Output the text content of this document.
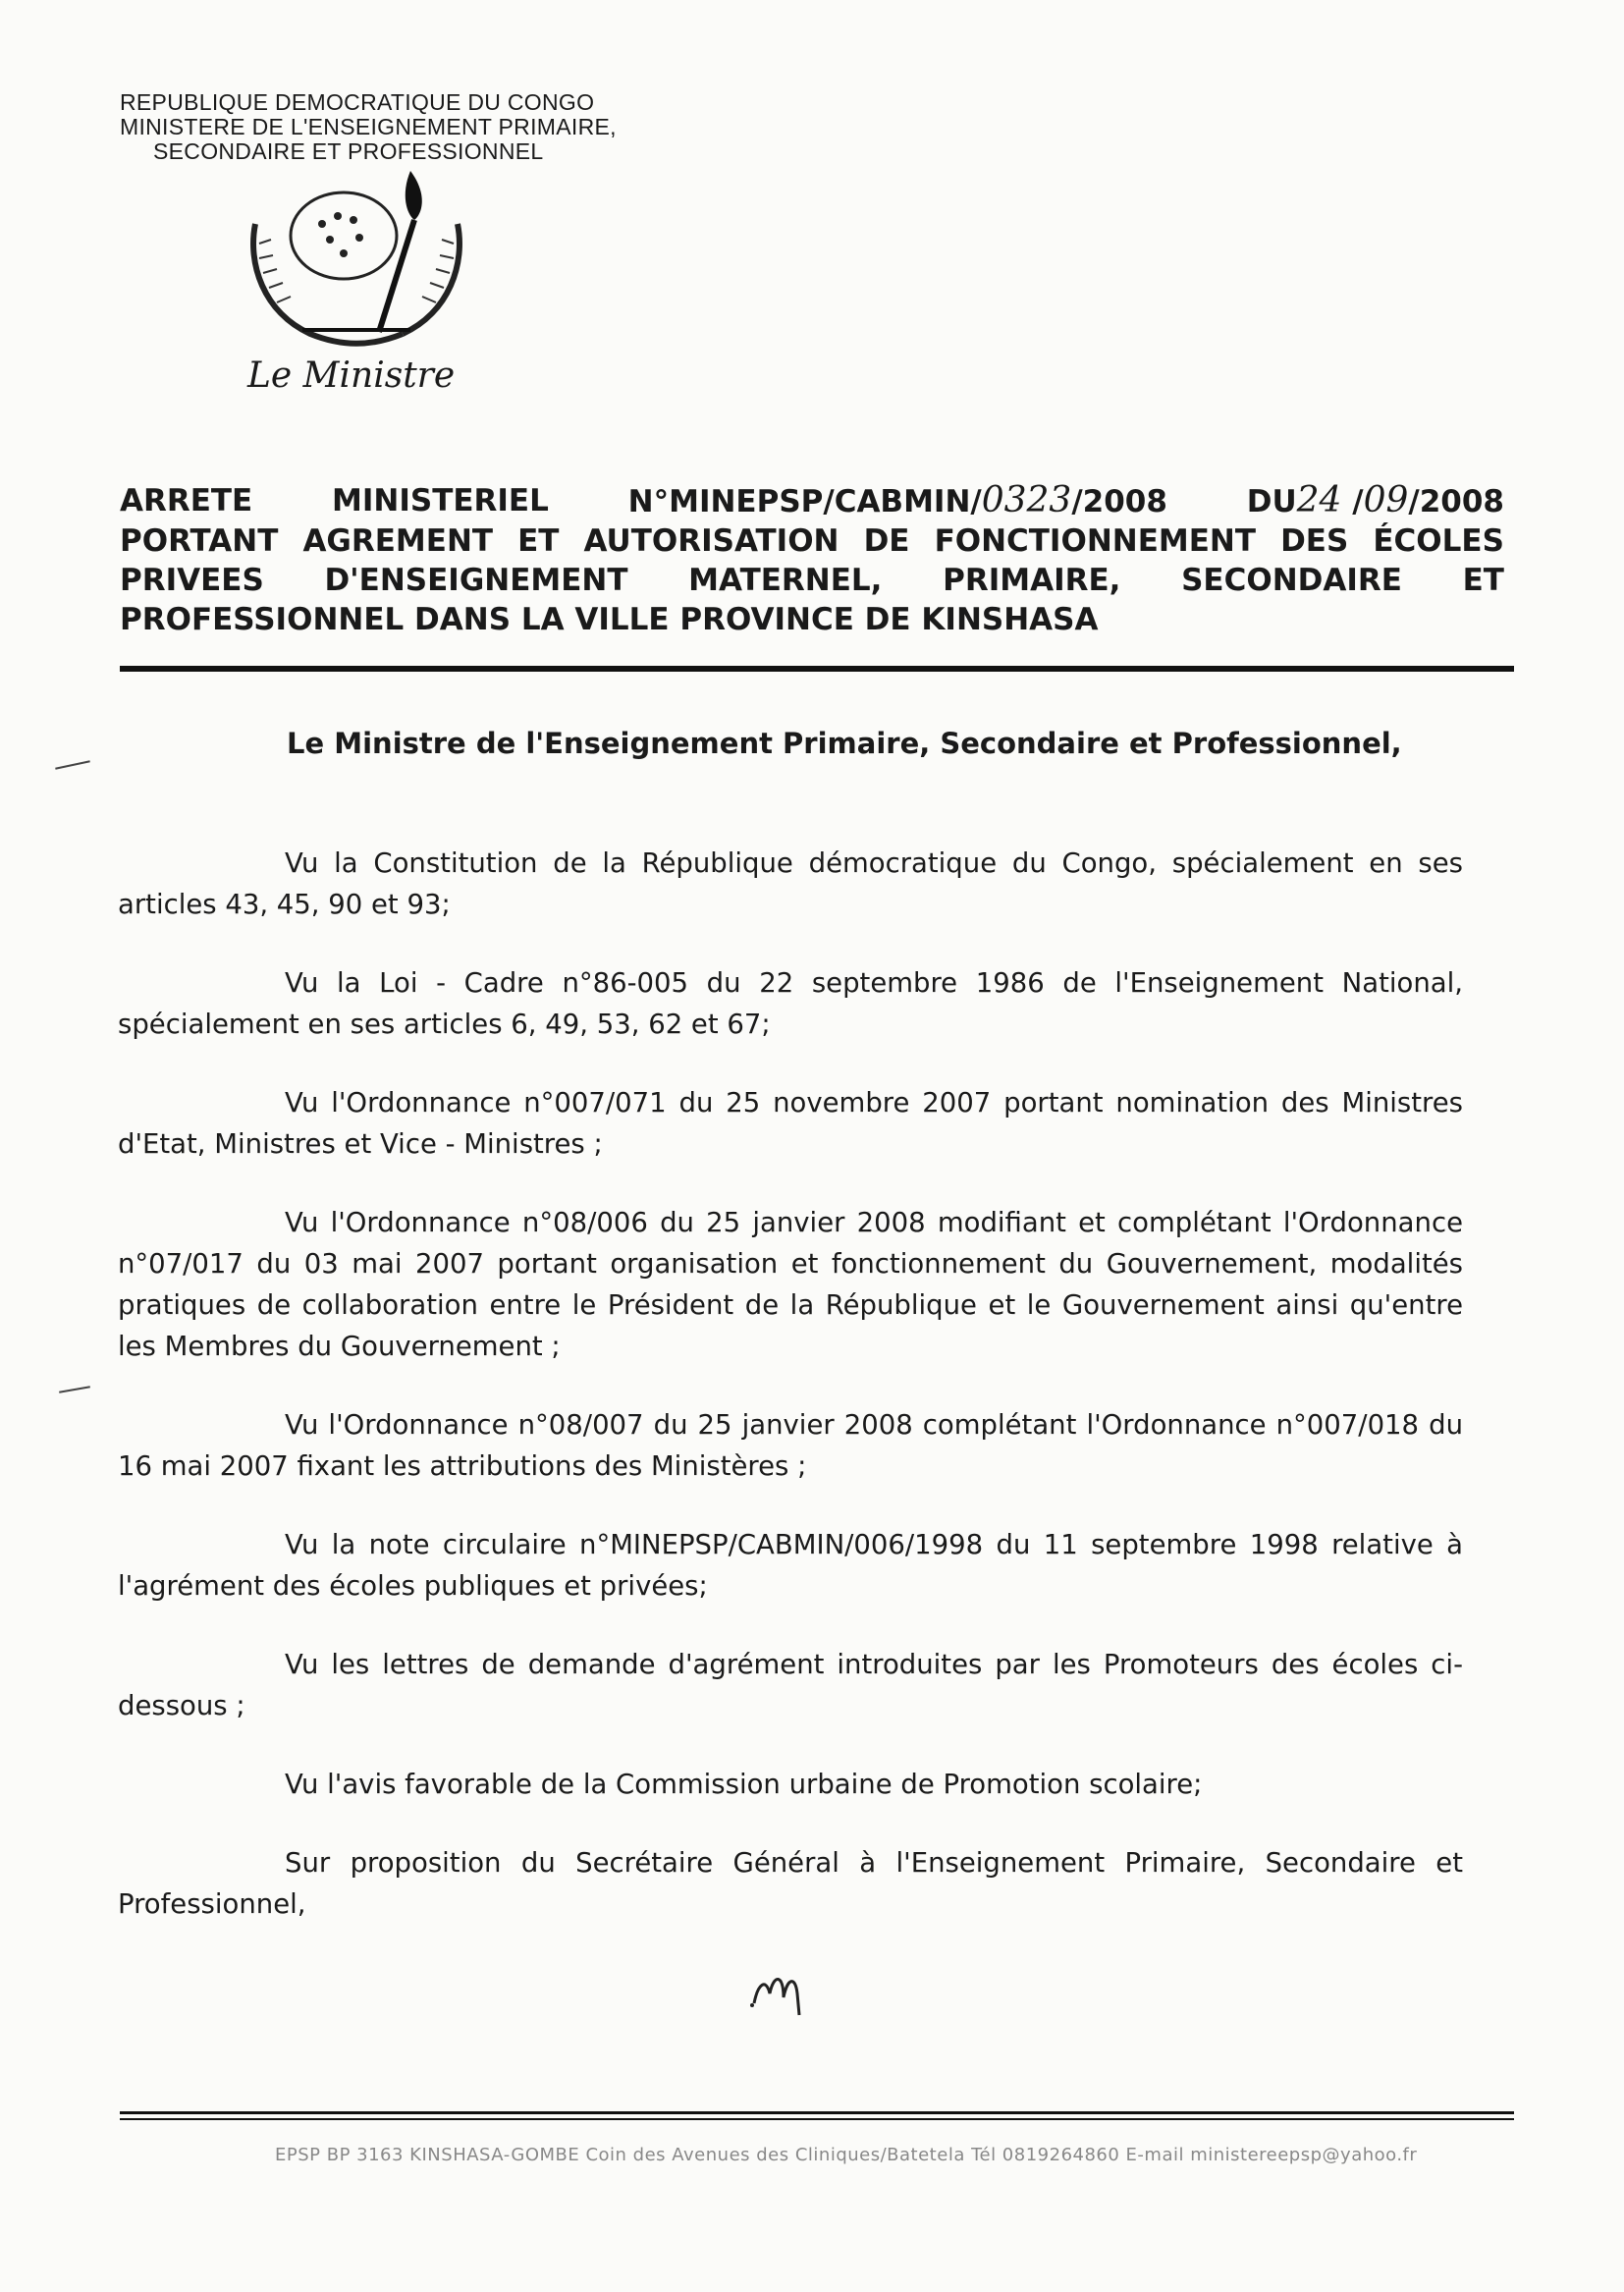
REPUBLIQUE DEMOCRATIQUE DU CONGO
MINISTERE DE L'ENSEIGNEMENT PRIMAIRE,
SECONDAIRE ET PROFESSIONNEL
Le Ministre
ARRETE	MINISTERIEL	N°MINEPSP/CABMIN/0323/2008	DU24 /09/2008
PORTANT AGREMENT ET AUTORISATION DE FONCTIONNEMENT DES ÉCOLES
PRIVEES D'ENSEIGNEMENT MATERNEL, PRIMAIRE, SECONDAIRE ET
PROFESSIONNEL DANS LA VILLE PROVINCE DE KINSHASA
Le Ministre de l'Enseignement Primaire, Secondaire et Professionnel,

Vu la Constitution de la République démocratique du Congo, spécialement en ses articles 43, 45, 90 et 93;

Vu la Loi - Cadre n°86-005 du 22 septembre 1986 de l'Enseignement National, spécialement en ses articles 6, 49, 53, 62 et 67;

Vu l'Ordonnance n°007/071 du 25 novembre 2007 portant nomination des Ministres d'Etat, Ministres et Vice - Ministres ;

Vu l'Ordonnance n°08/006 du 25 janvier 2008 modifiant et complétant l'Ordonnance n°07/017 du 03 mai 2007 portant organisation et fonctionnement du Gouvernement, modalités pratiques de collaboration entre le Président de la République et le Gouvernement ainsi qu'entre les Membres du Gouvernement ;

Vu l'Ordonnance n°08/007 du 25 janvier 2008 complétant l'Ordonnance n°007/018 du 16 mai 2007 fixant les attributions des Ministères ;

Vu la note circulaire n°MINEPSP/CABMIN/006/1998 du 11 septembre 1998 relative à l'agrément des écoles publiques et privées;

Vu les lettres de demande d'agrément introduites par les Promoteurs des écoles ci-dessous ;

Vu l'avis favorable de la Commission urbaine de Promotion scolaire;

Sur proposition du Secrétaire Général à l'Enseignement Primaire, Secondaire et Professionnel,

EPSP BP 3163 KINSHASA-GOMBE Coin des Avenues des Cliniques/Batetela Tél 0819264860 E-mail ministereepsp@yahoo.fr
